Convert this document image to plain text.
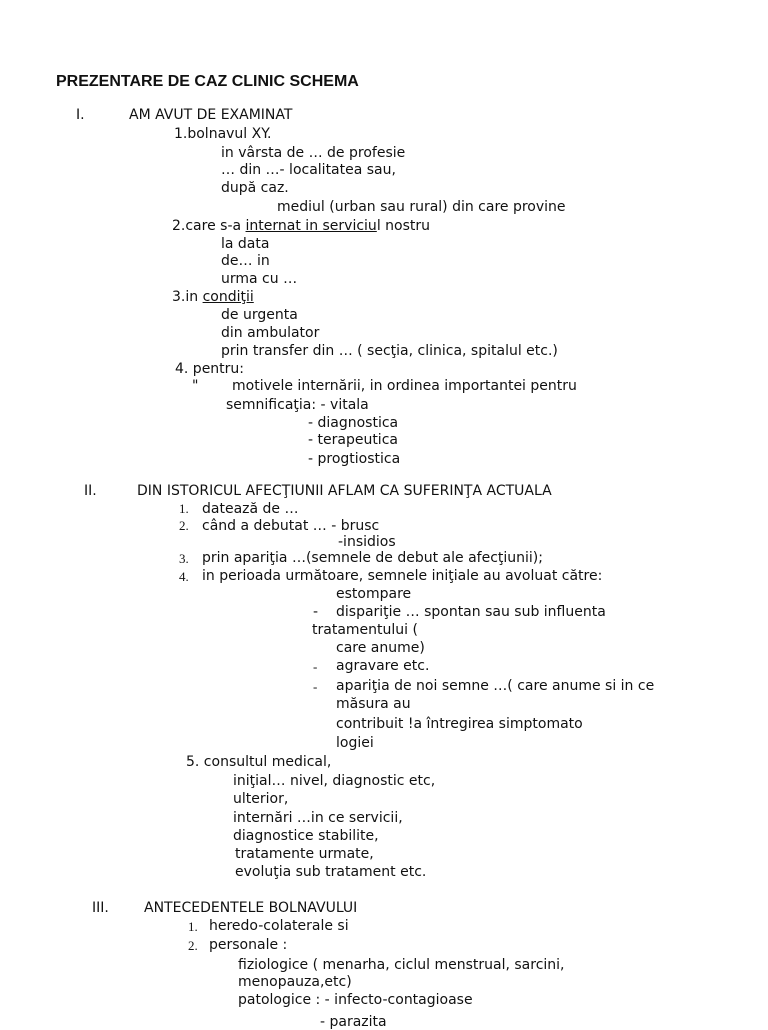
PREZENTARE DE CAZ CLINIC SCHEMA
I.	AM AVUT DE EXAMINAT
1.bolnavul XY.
in vârsta de … de profesie
… din …- localitatea sau,
după caz.
mediul (urban sau rural) din care provine
2.care s-a internat in serviciul nostru
la data
de… in
urma cu …
3.in condiţii
de urgenta
din ambulator
prin transfer din … ( secţia, clinica, spitalul etc.)
4. pentru:
" motivele internării, in ordinea importantei pentru
semnificaţia: - vitala
- diagnostica
- terapeutica
- progtiostica
II.	DIN ISTORICUL AFECŢIUNII AFLAM CA SUFERINŢA ACTUALA
1. datează de …
2. când a debutat … - brusc
-insidios
3. prin apariţia …(semnele de debut ale afecţiunii);
4. in perioada următoare, semnele iniţiale au avoluat către:
estompare
- dispariţie … spontan sau sub influenta
tratamentului (
care anume)
- agravare etc.
- apariţia de noi semne …( care anume si in ce
măsura au
contribuit !a întregirea simptomato
logiei
5. consultul medical,
iniţial… nivel, diagnostic etc,
ulterior,
internări …in ce servicii,
diagnostice stabilite,
tratamente urmate,
evoluţia sub tratament etc.
III.	ANTECEDENTELE BOLNAVULUI
1. heredo-colaterale si
2. personale :
fiziologice ( menarha, ciclul menstrual, sarcini,
menopauza,etc)
patologice : - infecto-contagioase
- parazita
